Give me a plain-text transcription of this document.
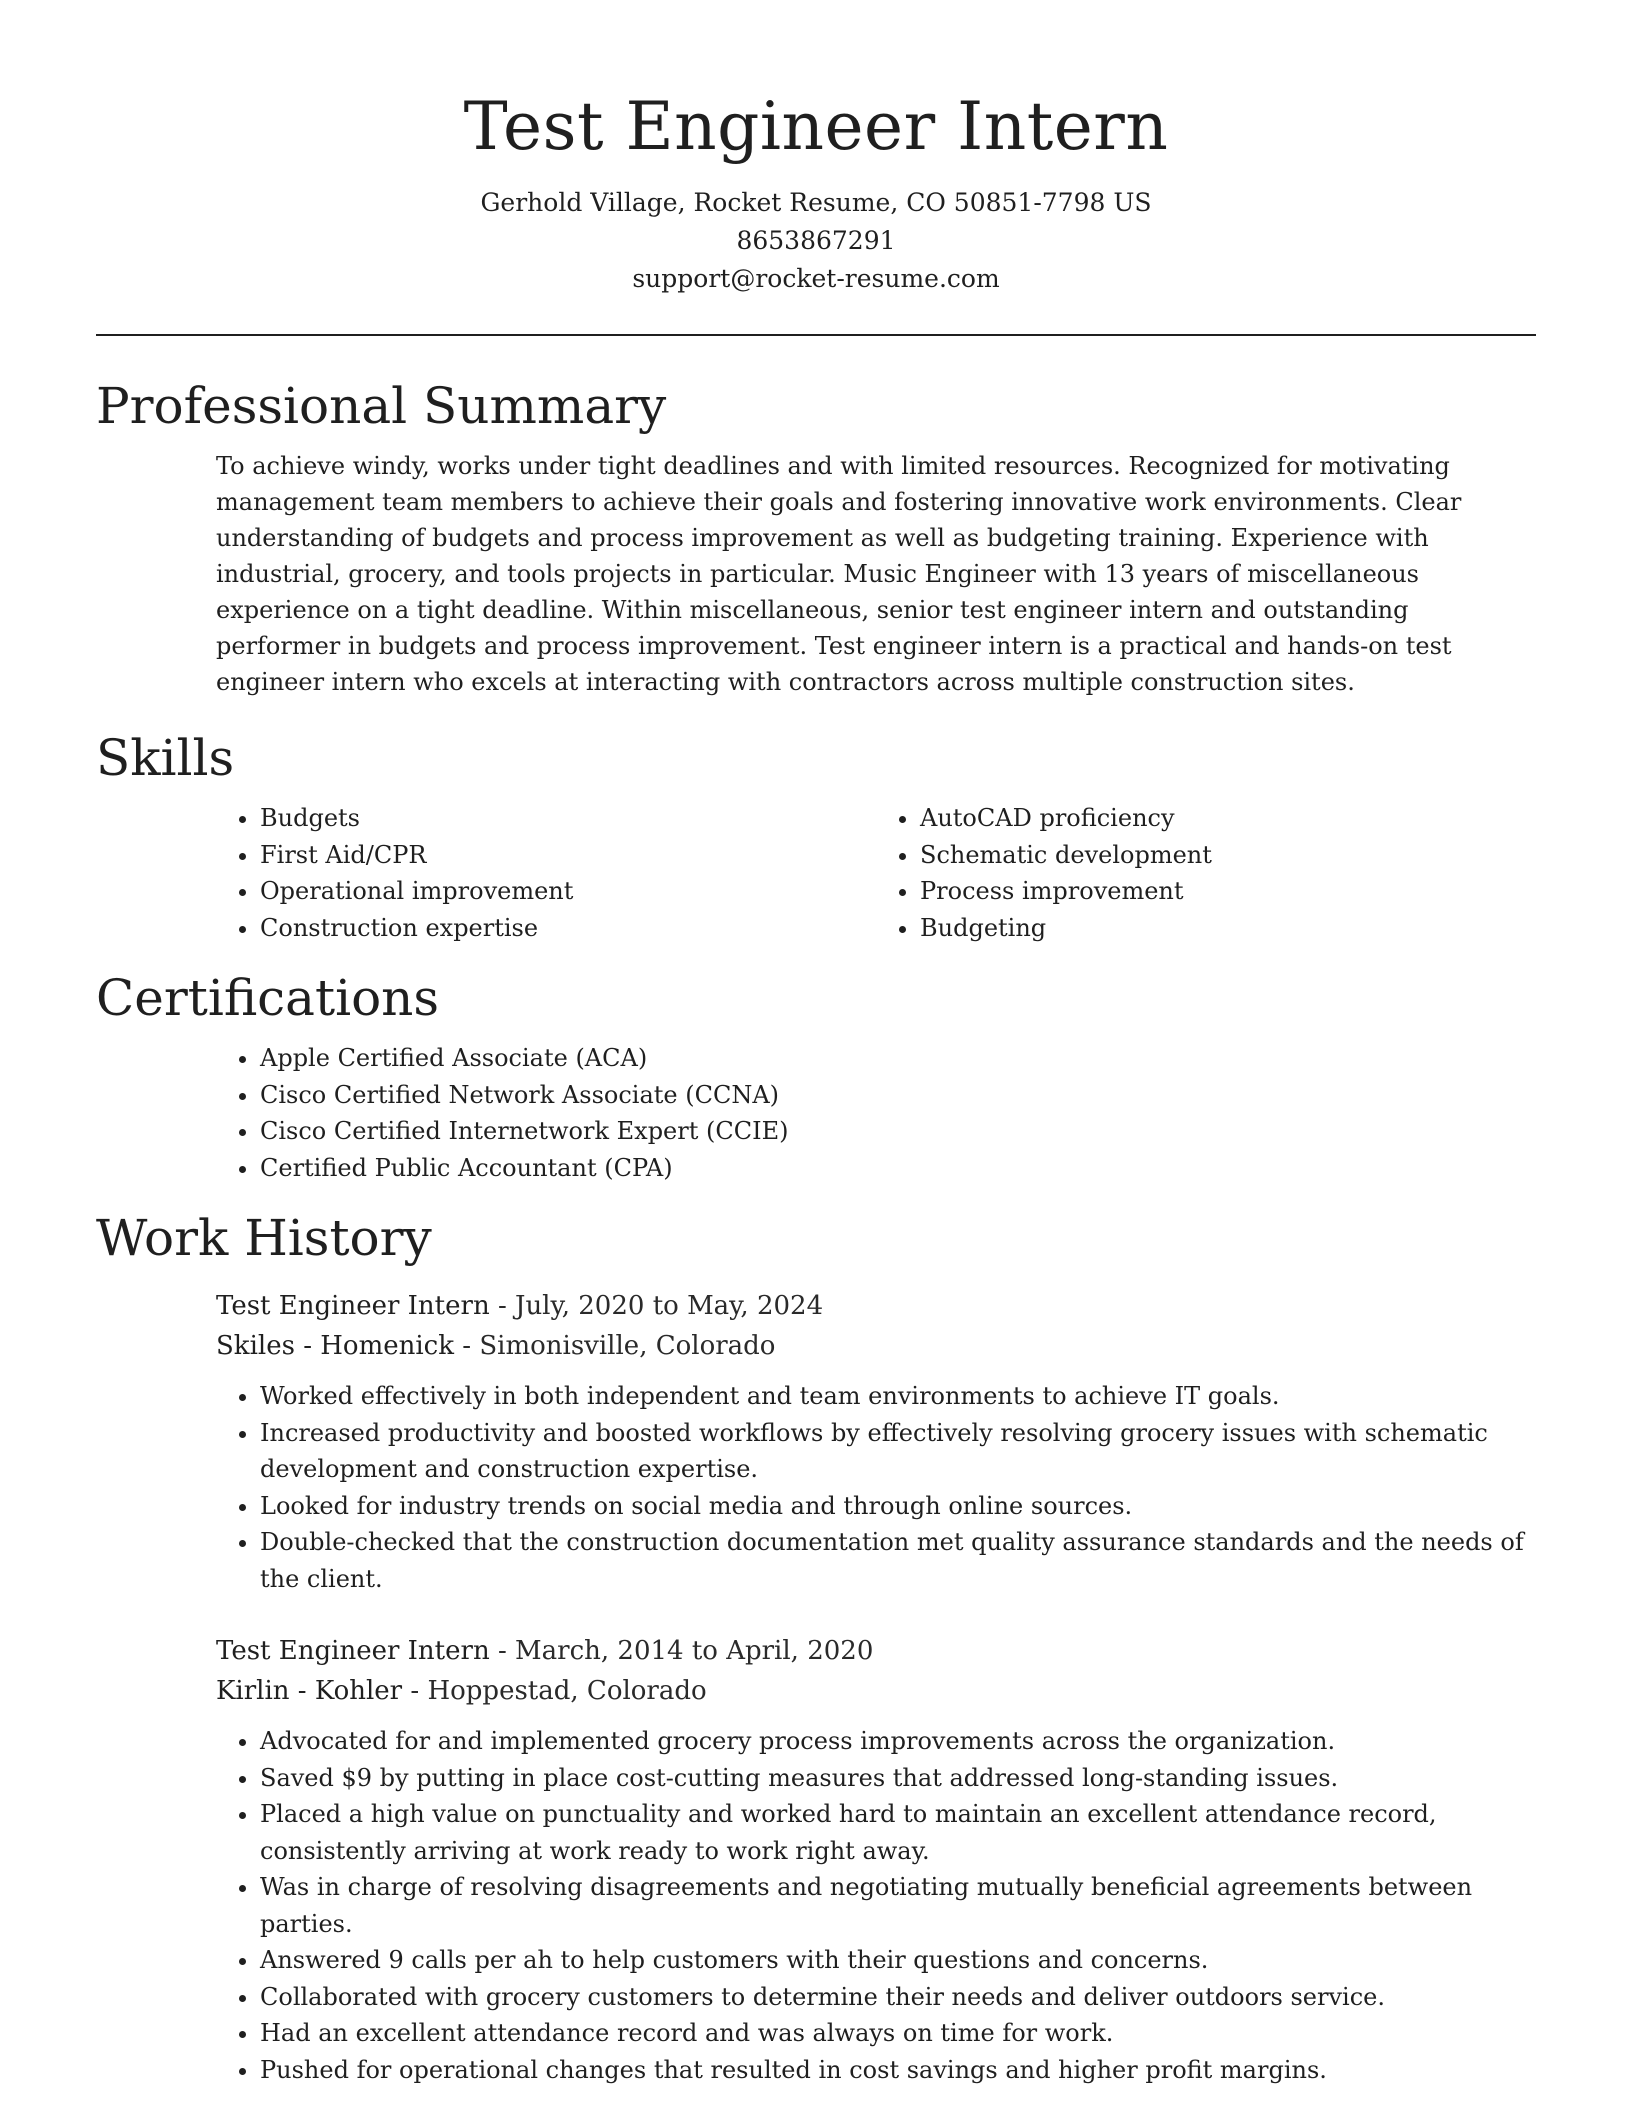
Test Engineer Intern

Gerhold Village, Rocket Resume, CO 50851-7798 US

8653867291

support@rocket-resume.com

Professional Summary

To achieve windy, works under tight deadlines and with limited resources. Recognized for motivating management team members to achieve their goals and fostering innovative work environments. Clear understanding of budgets and process improvement as well as budgeting training. Experience with industrial, grocery, and tools projects in particular. Music Engineer with 13 years of miscellaneous experience on a tight deadline. Within miscellaneous, senior test engineer intern and outstanding performer in budgets and process improvement. Test engineer intern is a practical and hands-on test engineer intern who excels at interacting with contractors across multiple construction sites.

Skills
• Budgets
• First Aid/CPR
• Operational improvement
• Construction expertise
• AutoCAD proficiency
• Schematic development
• Process improvement
• Budgeting
Certifications
• Apple Certified Associate (ACA)
• Cisco Certified Network Associate (CCNA)
• Cisco Certified Internetwork Expert (CCIE)
• Certified Public Accountant (CPA)
Work History

Test Engineer Intern - July, 2020 to May, 2024

Skiles - Homenick - Simonisville, Colorado

• Worked effectively in both independent and team environments to achieve IT goals.
• Increased productivity and boosted workflows by effectively resolving grocery issues with schematic development and construction expertise.
• Looked for industry trends on social media and through online sources.
• Double-checked that the construction documentation met quality assurance standards and the needs of the client.

Test Engineer Intern - March, 2014 to April, 2020

Kirlin - Kohler - Hoppestad, Colorado

• Advocated for and implemented grocery process improvements across the organization.
• Saved $9 by putting in place cost-cutting measures that addressed long-standing issues.
• Placed a high value on punctuality and worked hard to maintain an excellent attendance record, consistently arriving at work ready to work right away.
• Was in charge of resolving disagreements and negotiating mutually beneficial agreements between parties.
• Answered 9 calls per ah to help customers with their questions and concerns.
• Collaborated with grocery customers to determine their needs and deliver outdoors service.
• Had an excellent attendance record and was always on time for work.
• Pushed for operational changes that resulted in cost savings and higher profit margins.
